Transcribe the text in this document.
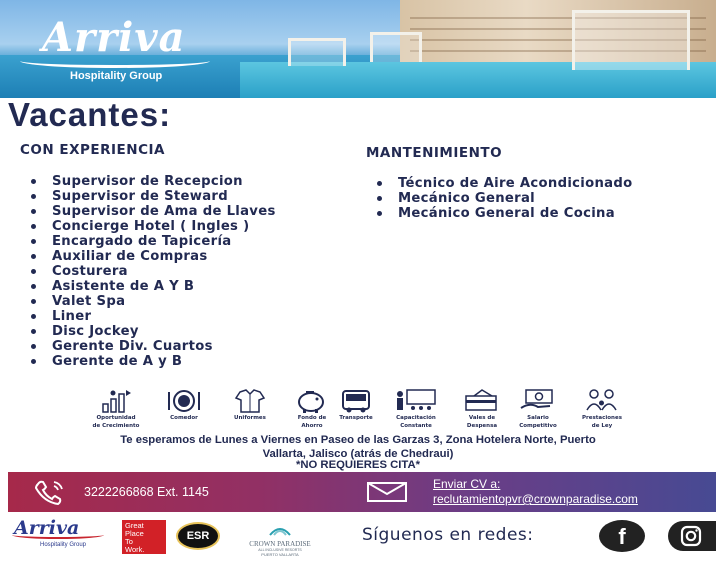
Arriva
Hospitality Group
Vacantes:
CON EXPERIENCIA	MANTENIMIENTO
Supervisor de Recepcion
Supervisor de Steward
Supervisor de Ama de Llaves
Concierge Hotel ( Ingles )
Encargado de Tapicería
Auxiliar de Compras
Costurera
Asistente de A Y B
Valet Spa
Liner
Disc Jockey
Gerente Div. Cuartos
Gerente de A y B
Técnico de Aire Acondicionado
Mecánico General
Mecánico General de Cocina
Oportunidad
de Crecimiento
Comedor	Uniformes	Fondo de
Ahorro
Transporte	Capacitación
Constante
Vales de
Despensa
Salario
Competitivo
Prestaciones
de Ley
Te esperamos de Lunes a Viernes en Paseo de las Garzas 3, Zona Hotelera Norte, Puerto
Vallarta, Jalisco (atrás de Chedraui)
*NO REQUIERES CITA*
3222266868 Ext. 1145
Enviar CV a:
reclutamientopvr@crownparadise.com
Arriva
Hospitality Group
Great
Place
To
Work.
ESR
CROWN PARADISE
ALL INCLUSIVE RESORTS
PUERTO VALLARTA
Síguenos en redes:	f
